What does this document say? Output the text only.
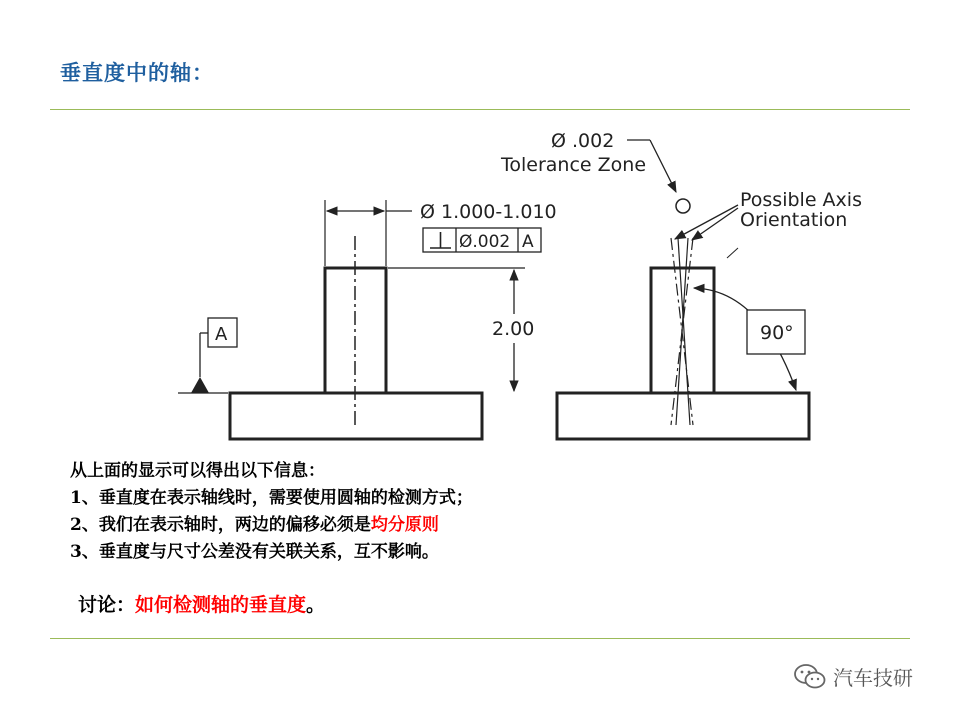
垂直度中的轴：
Ø 1.000-1.010
Ø.002 A
2.00
A
Ø .002
Tolerance Zone
Possible Axis
Orientation
90°
从上面的显示可以得出以下信息：
1、垂直度在表示轴线时，需要使用圆轴的检测方式；
2、我们在表示轴时，两边的偏移必须是均分原则
3、垂直度与尺寸公差没有关联关系，互不影响。
讨论：如何检测轴的垂直度。
汽车技研
